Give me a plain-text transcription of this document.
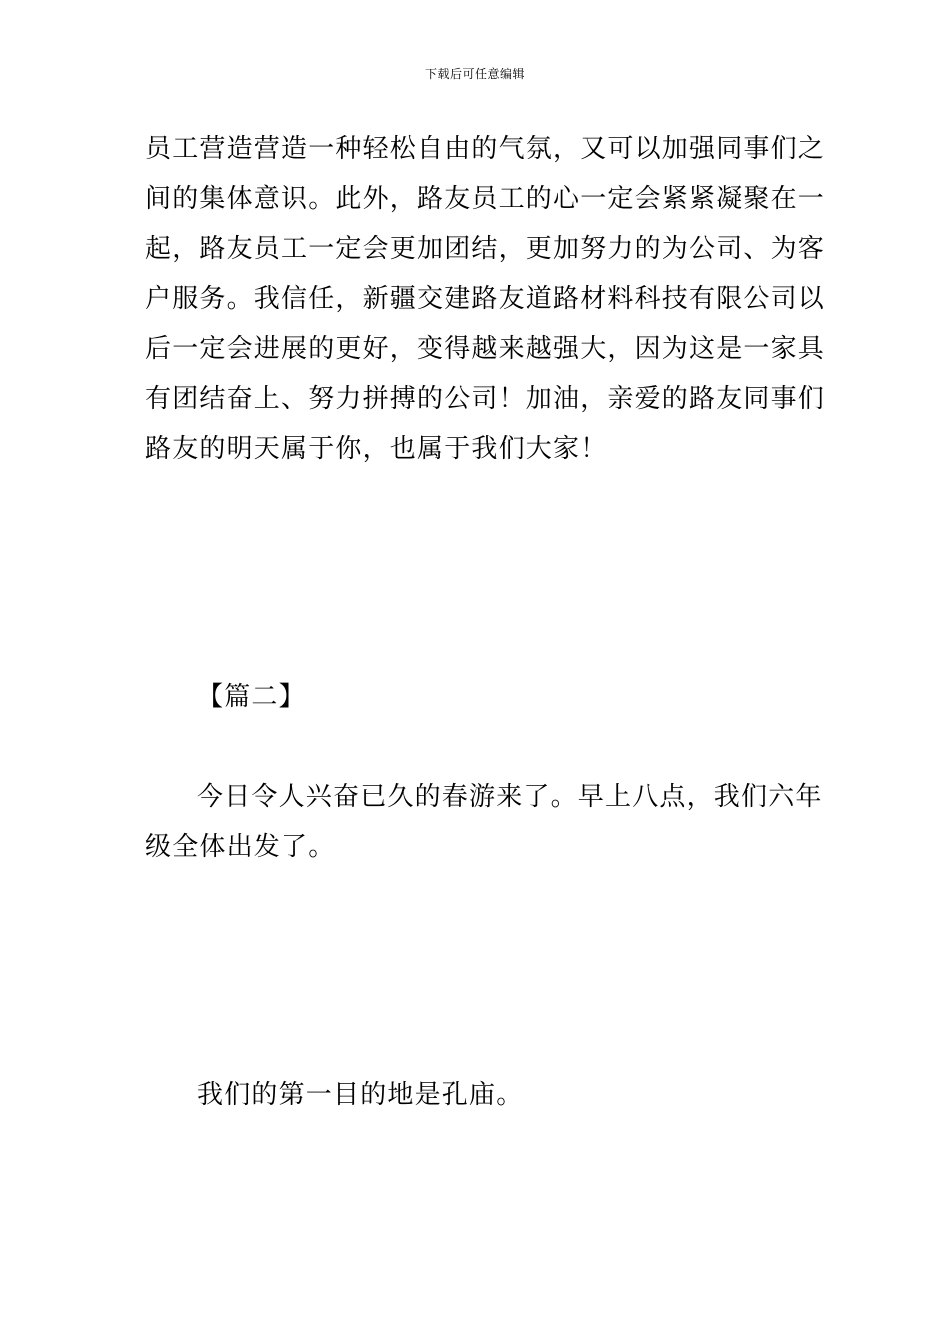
下载后可任意编辑
员工营造营造一种轻松自由的气氛，又可以加强同事们之
间的集体意识。此外，路友员工的心一定会紧紧凝聚在一
起，路友员工一定会更加团结，更加努力的为公司、为客
户服务。我信任，新疆交建路友道路材料科技有限公司以
后一定会进展的更好，变得越来越强大，因为这是一家具
有团结奋上、努力拼搏的公司！加油，亲爱的路友同事们
路友的明天属于你，也属于我们大家！
【篇二】
今日令人兴奋已久的春游来了。早上八点，我们六年
级全体出发了。
我们的第一目的地是孔庙。
